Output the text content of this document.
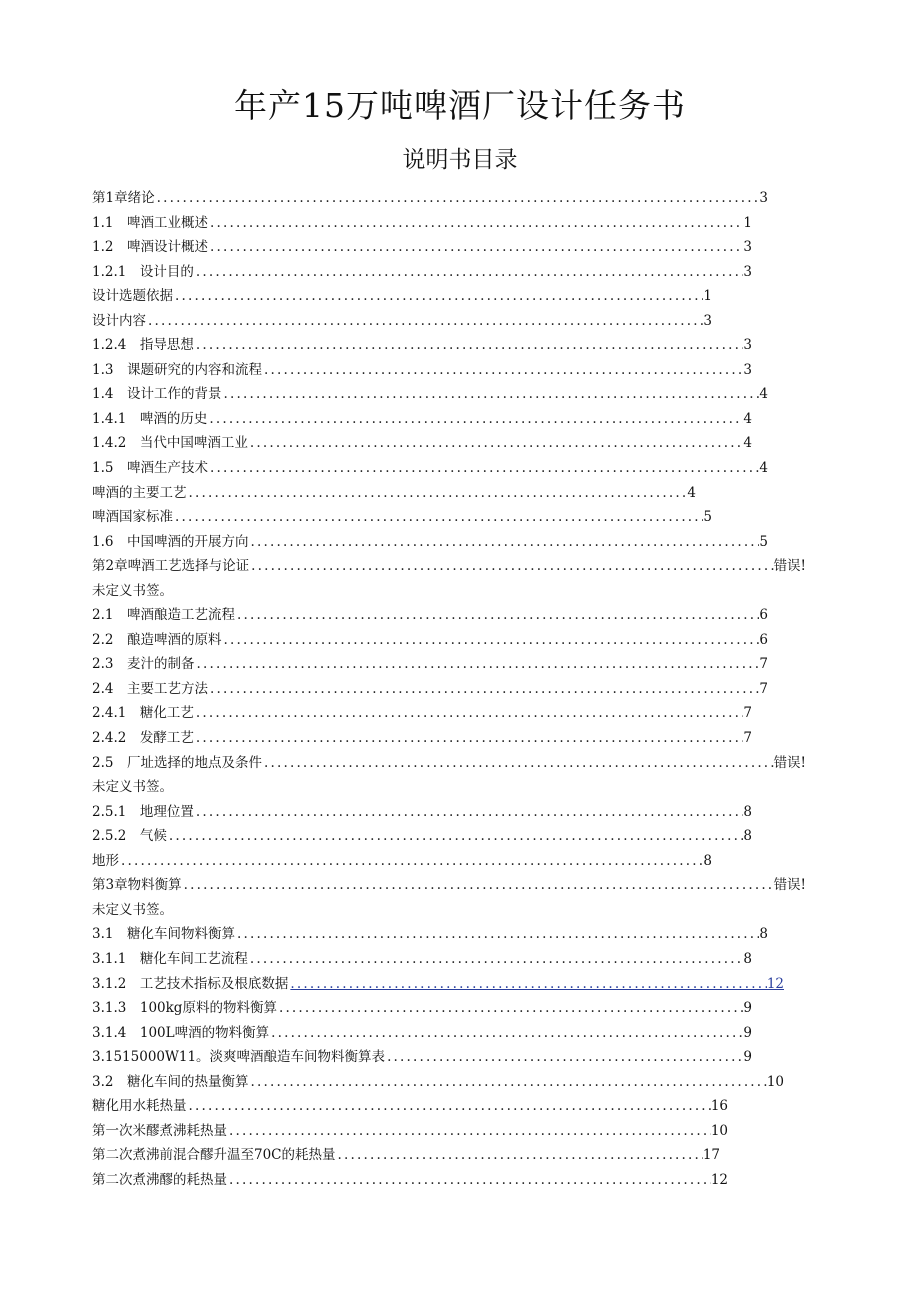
年产15万吨啤酒厂设计任务书
说明书目录
第1章绪论 .....	3
1.1　啤酒工业概述 .....	1
1.2　啤酒设计概述 .....	3
1.2.1　设计目的 .....	3
设计选题依据 .....	1
设计内容 .....	3
1.2.4　指导思想 .....	3
1.3　课题研究的内容和流程 .....	3
1.4　设计工作的背景 .....	4
1.4.1　啤酒的历史 .....	4
1.4.2　当代中国啤酒工业 .....	4
1.5　啤酒生产技术 .....	4
啤酒的主要工艺 .....	4
啤酒国家标准 .....	5
1.6　中国啤酒的开展方向 .....	5
第2章啤酒工艺选择与论证 .....	错误!
未定义书签。
2.1　啤酒酿造工艺流程 .....	6
2.2　酿造啤酒的原料 .....	6
2.3　麦汁的制备 .....	7
2.4　主要工艺方法 .....	7
2.4.1　糖化工艺 .....	7
2.4.2　发酵工艺 .....	7
2.5　厂址选择的地点及条件 .....	错误!
未定义书签。
2.5.1　地理位置 .....	8
2.5.2　气候 .....	8
地形 .....	8
第3章物料衡算 .....	错误!
未定义书签。
3.1　糖化车间物料衡算 .....	8
3.1.1　糖化车间工艺流程 .....	8
3.1.2　工艺技术指标及根底数据 .....	12
3.1.3　100kg原料的物料衡算 .....	9
3.1.4　100L啤酒的物料衡算 .....	9
3.1515000W11。淡爽啤酒酿造车间物料衡算表 .....	9
3.2　糖化车间的热量衡算 .....	10
糖化用水耗热量 .....	16
第一次米醪煮沸耗热量 .....	10
第二次煮沸前混合醪升温至70C的耗热量 .....	17
第二次煮沸醪的耗热量 .....	12
